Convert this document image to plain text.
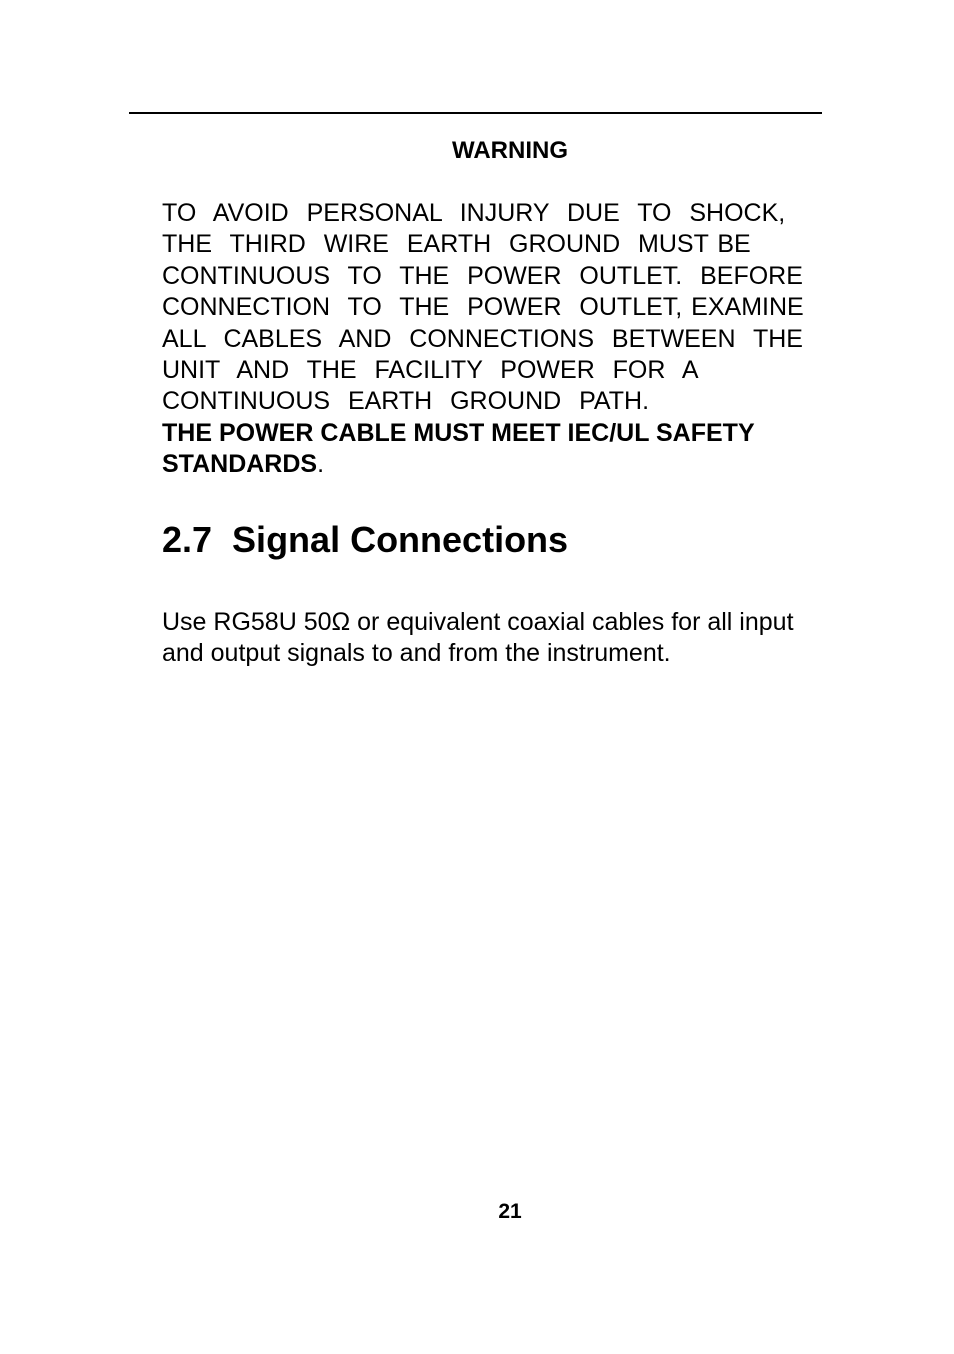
WARNING
TO  AVOID  PERSONAL  INJURY  DUE  TO  SHOCK,
THE  THIRD  WIRE  EARTH  GROUND  MUST BE
CONTINUOUS  TO  THE  POWER  OUTLET.  BEFORE
CONNECTION  TO  THE  POWER  OUTLET, EXAMINE
ALL  CABLES  AND  CONNECTIONS  BETWEEN  THE
UNIT  AND  THE  FACILITY  POWER  FOR  A
CONTINUOUS  EARTH  GROUND  PATH.
THE POWER CABLE MUST MEET IEC/UL SAFETY
STANDARDS.
2.7  Signal Connections
Use RG58U 50Ω or equivalent coaxial cables for all input
and output signals to and from the instrument.
21
